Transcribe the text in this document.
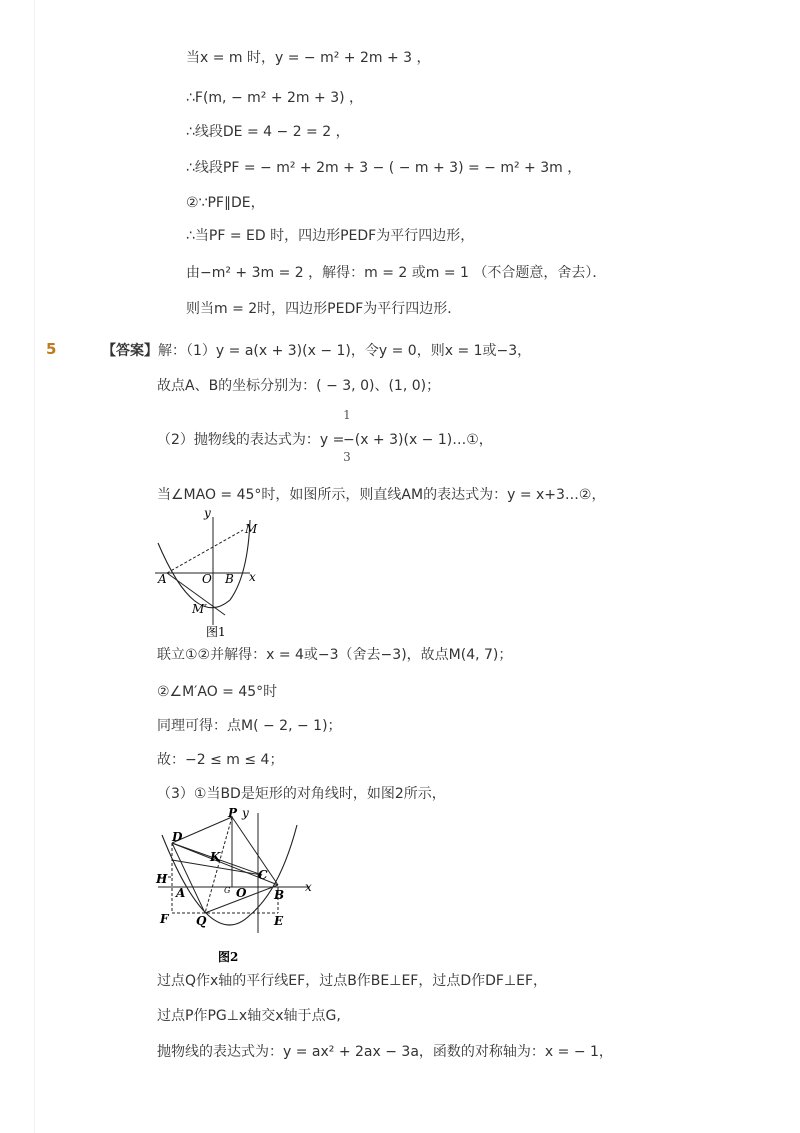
当x = m 时，y = − m² + 2m + 3 ，
∴F(m, − m² + 2m + 3) ，
∴线段DE = 4 − 2 = 2 ，
∴线段PF = − m² + 2m + 3 − ( − m + 3) = − m² + 3m ，
②∵PF∥DE，
∴当PF = ED 时，四边形PEDF为平行四边形，
由−m² + 3m = 2 ，解得：m = 2 或m = 1 （不合题意，舍去）．
则当m = 2时，四边形PEDF为平行四边形．
5	【答案】解：（1）y = a(x + 3)(x − 1)，令y = 0，则x = 1或−3，
故点A、B的坐标分别为：( − 3, 0)、(1, 0)；
（2）抛物线的表达式为：y =
1
3
−(x + 3)(x − 1)…①，
当∠MAO = 45°时，如图所示，则直线AM的表达式为：y = x+3…②，
y
x
M
A	O B
M′
图1
联立①②并解得：x = 4或−3（舍去−3)，故点M(4, 7)；
②∠M′AO = 45°时
同理可得：点M( − 2, − 1)；
故：−2 ≤ m ≤ 4；
（3）①当BD是矩形的对角线时，如图2所示，
P y
D
K
H
A	G O
C
B
x
F Q	E
图2
过点Q作x轴的平行线EF，过点B作BE⊥EF，过点D作DF⊥EF，
过点P作PG⊥x轴交x轴于点G,
抛物线的表达式为：y = ax² + 2ax − 3a，函数的对称轴为：x = − 1，
